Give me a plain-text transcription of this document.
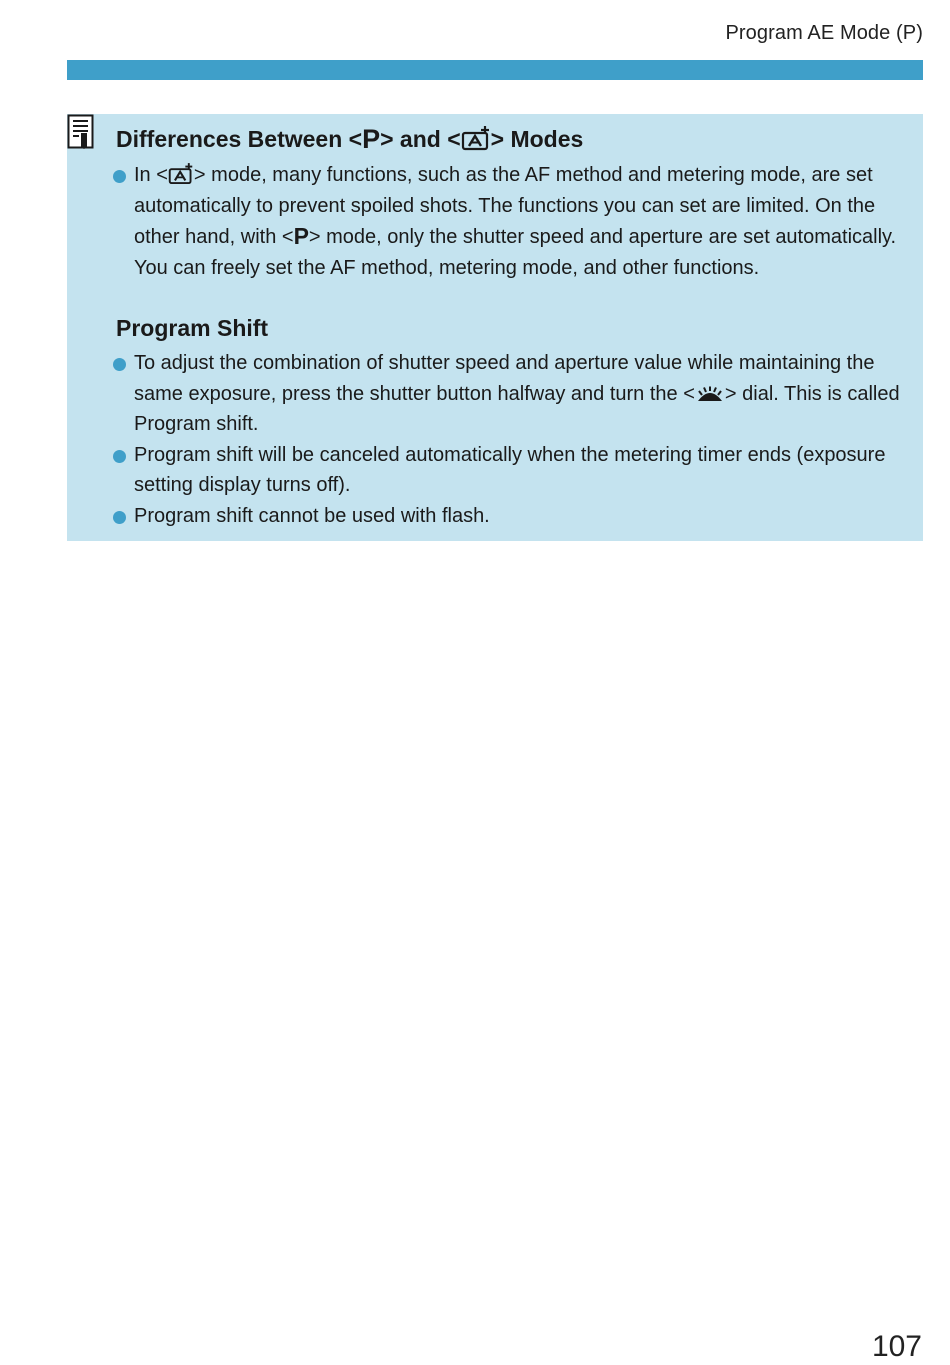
Program AE Mode (P)
Differences Between <P> and < > Modes
In < > mode, many functions, such as the AF method and metering mode, are set automatically to prevent spoiled shots. The functions you can set are limited. On the other hand, with <P> mode, only the shutter speed and aperture are set automatically. You can freely set the AF method, metering mode, and other functions.
Program Shift
To adjust the combination of shutter speed and aperture value while maintaining the same exposure, press the shutter button halfway and turn the < > dial. This is called Program shift.
Program shift will be canceled automatically when the metering timer ends (exposure setting display turns off).
Program shift cannot be used with flash.
107
